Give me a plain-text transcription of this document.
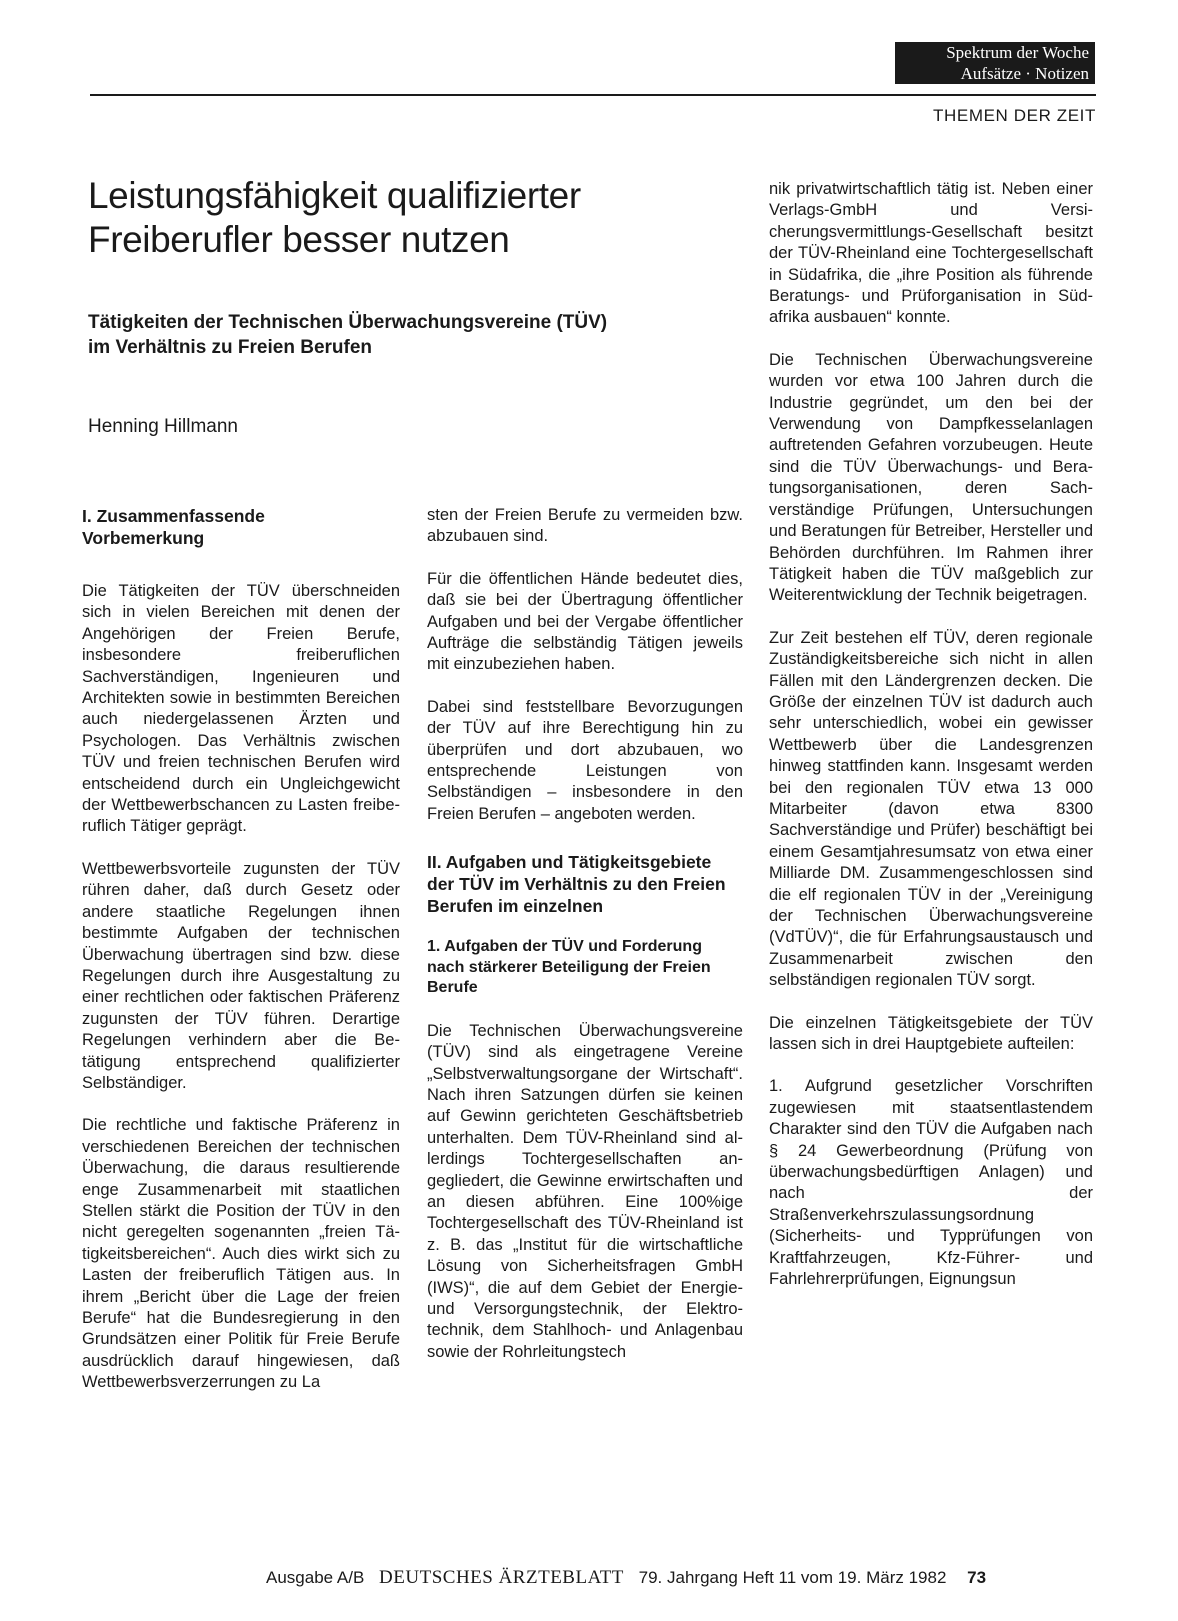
Spektrum der Woche
Aufsätze · Notizen
THEMEN DER ZEIT
Leistungsfähigkeit qualifizierter
Freiberufler besser nutzen
Tätigkeiten der Technischen Überwachungsvereine (TÜV)
im Verhältnis zu Freien Berufen
Henning Hillmann
I. Zusammenfassende
Vorbemerkung

Die Tätigkeiten der TÜV überschneiden sich in vielen Bereichen mit denen der Angehörigen der Freien Berufe, insbesondere freiberuflichen Sachverständigen, Ingenieuren und Architekten sowie in bestimmten Bereichen auch niedergelassenen Ärzten und Psychologen. Das Verhältnis zwischen TÜV und freien technischen Berufen wird entscheidend durch ein Ungleichgewicht der Wettbewerbschancen zu Lasten freiberuflich Tätiger geprägt.

Wettbewerbsvorteile zugunsten der TÜV rühren daher, daß durch Gesetz oder andere staatliche Regelungen ihnen bestimmte Aufgaben der technischen Überwachung übertragen sind bzw. diese Regelungen durch ihre Ausgestaltung zu einer rechtlichen oder faktischen Präferenz zugunsten der TÜV führen. Derartige Regelungen verhindern aber die Betätigung entsprechend qualifizierter Selbständiger.

Die rechtliche und faktische Präferenz in verschiedenen Bereichen der technischen Überwachung, die daraus resultierende enge Zusammenarbeit mit staatlichen Stellen stärkt die Position der TÜV in den nicht geregelten sogenannten „freien Tätigkeitsbereichen“. Auch dies wirkt sich zu Lasten der freiberuflich Tätigen aus. In ihrem „Bericht über die Lage der freien Berufe“ hat die Bundesregierung in den Grundsätzen einer Politik für Freie Berufe ausdrücklich darauf hingewiesen, daß Wettbewerbsverzerrungen zu La

sten der Freien Berufe zu vermeiden bzw. abzubauen sind.

Für die öffentlichen Hände bedeutet dies, daß sie bei der Übertragung öffentlicher Aufgaben und bei der Vergabe öffentlicher Aufträge die selbständig Tätigen jeweils mit einzubeziehen haben.

Dabei sind feststellbare Bevorzugungen der TÜV auf ihre Berechtigung hin zu überprüfen und dort abzubauen, wo entsprechende Leistungen von Selbständigen – insbesondere in den Freien Berufen – angeboten werden.

II. Aufgaben und Tätigkeitsgebiete der TÜV im Verhältnis zu den Freien Berufen im einzelnen
1. Aufgaben der TÜV und Forderung nach stärkerer Beteiligung der Freien Berufe

Die Technischen Überwachungsvereine (TÜV) sind als eingetragene Vereine „Selbstverwaltungsorgane der Wirtschaft“. Nach ihren Satzungen dürfen sie keinen auf Gewinn gerichteten Geschäftsbetrieb unterhalten. Dem TÜV-Rheinland sind allerdings Tochtergesellschaften angegliedert, die Gewinne erwirtschaften und an diesen abführen. Eine 100%ige Tochtergesellschaft des TÜV-Rheinland ist z. B. das „Institut für die wirtschaftliche Lösung von Sicherheitsfragen GmbH (IWS)“, die auf dem Gebiet der Energie- und Versorgungstechnik, der Elektrotechnik, dem Stahlhoch- und Anlagenbau sowie der Rohrleitungstech

nik privatwirtschaftlich tätig ist. Neben einer Verlags-GmbH und Versicherungsvermittlungs-Gesellschaft besitzt der TÜV-Rheinland eine Tochtergesellschaft in Südafrika, die „ihre Position als führende Beratungs- und Prüforganisation in Südafrika ausbauen“ konnte.

Die Technischen Überwachungsvereine wurden vor etwa 100 Jahren durch die Industrie gegründet, um den bei der Verwendung von Dampfkesselanlagen auftretenden Gefahren vorzubeugen. Heute sind die TÜV Überwachungs- und Beratungsorganisationen, deren Sachverständige Prüfungen, Untersuchungen und Beratungen für Betreiber, Hersteller und Behörden durchführen. Im Rahmen ihrer Tätigkeit haben die TÜV maßgeblich zur Weiterentwicklung der Technik beigetragen.

Zur Zeit bestehen elf TÜV, deren regionale Zuständigkeitsbereiche sich nicht in allen Fällen mit den Ländergrenzen decken. Die Größe der einzelnen TÜV ist dadurch auch sehr unterschiedlich, wobei ein gewisser Wettbewerb über die Landesgrenzen hinweg stattfinden kann. Insgesamt werden bei den regionalen TÜV etwa 13 000 Mitarbeiter (davon etwa 8300 Sachverständige und Prüfer) beschäftigt bei einem Gesamtjahresumsatz von etwa einer Milliarde DM. Zusammengeschlossen sind die elf regionalen TÜV in der „Vereinigung der Technischen Überwachungsvereine (VdTÜV)“, die für Erfahrungsaustausch und Zusammenarbeit zwischen den selbständigen regionalen TÜV sorgt.

Die einzelnen Tätigkeitsgebiete der TÜV lassen sich in drei Hauptgebiete aufteilen:

1. Aufgrund gesetzlicher Vorschriften zugewiesen mit staatsentlastendem Charakter sind den TÜV die Aufgaben nach § 24 Gewerbeordnung (Prüfung von überwachungsbedürftigen Anlagen) und nach der Straßenverkehrszulassungsordnung (Sicherheits- und Typprüfungen von Kraftfahrzeugen, Kfz-Führer- und Fahrlehrerprüfungen, Eignungsun

Ausgabe A/B DEUTSCHES ÄRZTEBLATT 79. Jahrgang Heft 11 vom 19. März 1982 73
